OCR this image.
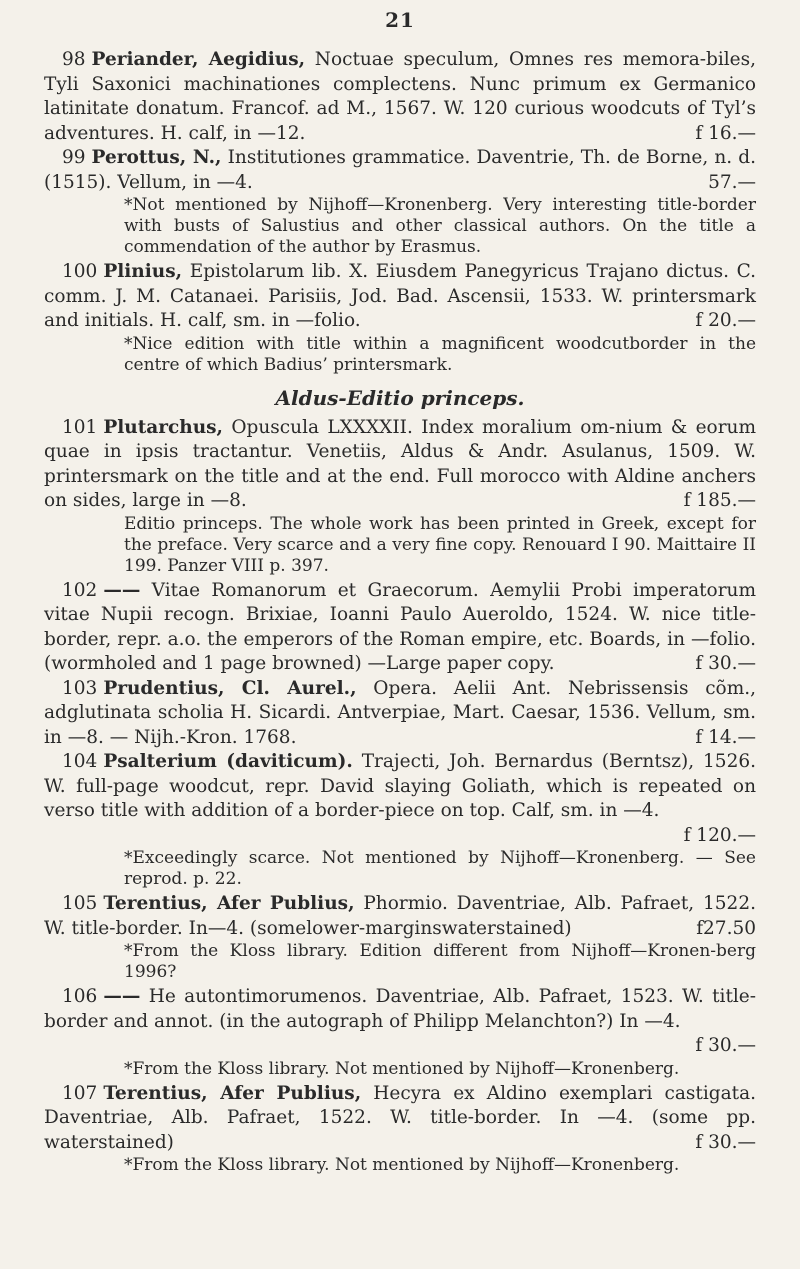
21

98 Periander, Aegidius, Noctuae speculum, Omnes res memora-biles, Tyli Saxonici machinationes complectens. Nunc primum ex Germanico latinitate donatum. Francof. ad M., 1567. W. 120 curious woodcuts of Tyl’s adventures. H. calf, in —12.	f 16.—

99 Perottus, N., Institutiones grammatice. Daventrie, Th. de Borne, n. d. (1515). Vellum, in —4.	57.—

*Not mentioned by Nijhoff—Kronenberg. Very interesting title-border with busts of Salustius and other classical authors. On the title a commendation of the author by Erasmus.

100 Plinius, Epistolarum lib. X. Eiusdem Panegyricus Trajano dictus. C. comm. J. M. Catanaei. Parisiis, Jod. Bad. Ascensii, 1533. W. printersmark and initials. H. calf, sm. in —folio.	f 20.—

*Nice edition with title within a magnificent woodcutborder in the centre of which Badius’ printersmark.

Aldus-Editio princeps.

101 Plutarchus, Opuscula LXXXXII. Index moralium om-nium & eorum quae in ipsis tractantur. Venetiis, Aldus & Andr. Asulanus, 1509. W. printersmark on the title and at the end. Full morocco with Aldine anchers on sides, large in —8.	f 185.—

Editio princeps. The whole work has been printed in Greek, except for the preface. Very scarce and a very fine copy. Renouard I 90. Maittaire II 199. Panzer VIII p. 397.

102 —— Vitae Romanorum et Graecorum. Aemylii Probi imperatorum vitae Nupii recogn. Brixiae, Ioanni Paulo Aueroldo, 1524. W. nice title-border, repr. a.o. the emperors of the Roman empire, etc. Boards, in —folio. (wormholed and 1 page browned) —Large paper copy.	f 30.—

103 Prudentius, Cl. Aurel., Opera. Aelii Ant. Nebrissensis cõm., adglutinata scholia H. Sicardi. Antverpiae, Mart. Caesar, 1536. Vellum, sm. in —8. — Nijh.-Kron. 1768.	f 14.—

104 Psalterium (daviticum). Trajecti, Joh. Bernardus (Berntsz), 1526. W. full-page woodcut, repr. David slaying Goliath, which is repeated on verso title with addition of a border-piece on top. Calf, sm. in —4.
f 120.—

*Exceedingly scarce. Not mentioned by Nijhoff—Kronenberg. — See reprod. p. 22.

105 Terentius, Afer Publius, Phormio. Daventriae, Alb. Pafraet, 1522. W. title-border. In—4. (somelower-marginswaterstained)	f27.50

*From the Kloss library. Edition different from Nijhoff—Kronen-berg 1996?

106 —— He autontimorumenos. Daventriae, Alb. Pafraet, 1523. W. title-border and annot. (in the autograph of Philipp Melanchton?) In —4.
f 30.—

*From the Kloss library. Not mentioned by Nijhoff—Kronenberg.

107 Terentius, Afer Publius, Hecyra ex Aldino exemplari castigata. Daventriae, Alb. Pafraet, 1522. W. title-border. In —4. (some pp. waterstained)	f 30.—

*From the Kloss library. Not mentioned by Nijhoff—Kronenberg.
